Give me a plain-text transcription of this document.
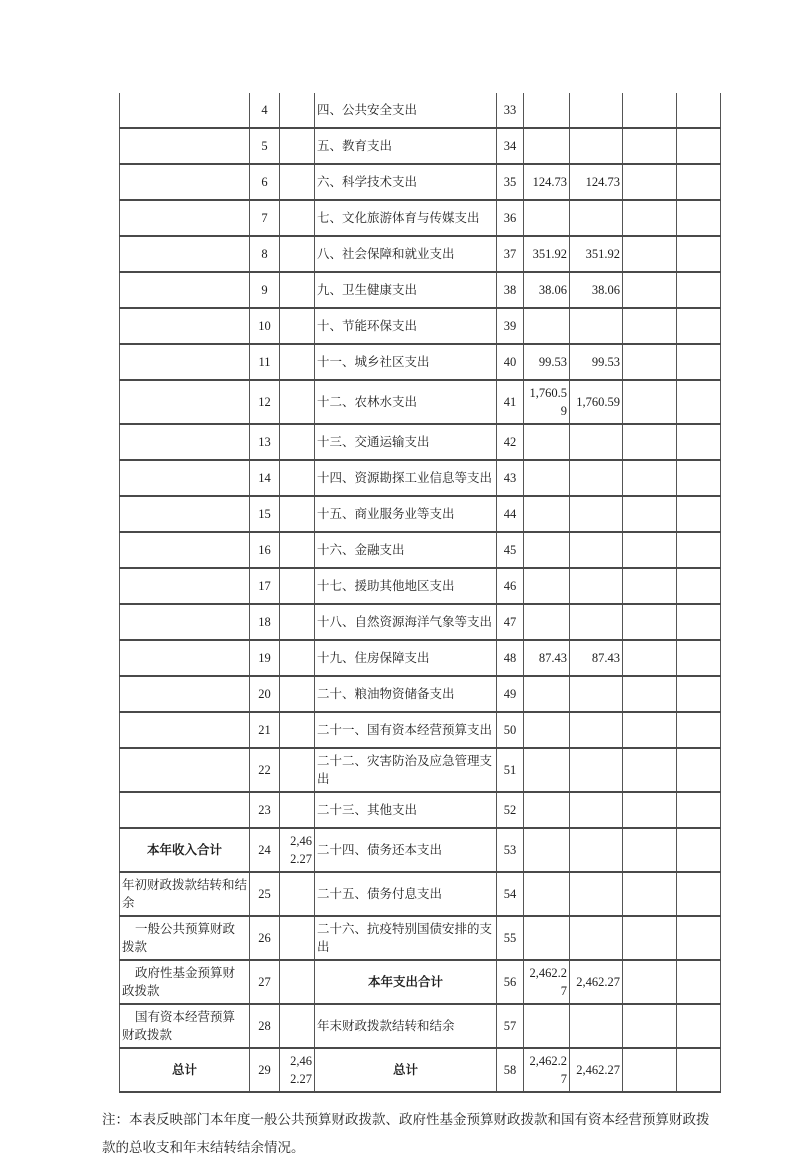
	4		四、公共安全支出	33				
	5		五、教育支出	34				
	6		六、科学技术支出	35	124.73	124.73		
	7		七、文化旅游体育与传媒支出	36				
	8		八、社会保障和就业支出	37	351.92	351.92		
	9		九、卫生健康支出	38	38.06	38.06		
	10		十、节能环保支出	39				
	11		十一、城乡社区支出	40	99.53	99.53		
	12		十二、农林水支出	41	1,760.59	1,760.59		
	13		十三、交通运输支出	42				
	14		十四、资源勘探工业信息等支出	43				
	15		十五、商业服务业等支出	44				
	16		十六、金融支出	45				
	17		十七、援助其他地区支出	46				
	18		十八、自然资源海洋气象等支出	47				
	19		十九、住房保障支出	48	87.43	87.43		
	20		二十、粮油物资储备支出	49				
	21		二十一、国有资本经营预算支出	50				
	22		二十二、灾害防治及应急管理支出	51				
	23		二十三、其他支出	52				
本年收入合计	24	2,462.27	二十四、债务还本支出	53				
年初财政拨款结转和结余	25		二十五、债务付息支出	54				
一般公共预算财政拨款	26		二十六、抗疫特别国债安排的支出	55				
政府性基金预算财政拨款	27		本年支出合计	56	2,462.27	2,462.27		
国有资本经营预算财政拨款	28		年末财政拨款结转和结余	57				
总计	29	2,462.27	总计	58	2,462.27	2,462.27		
注：本表反映部门本年度一般公共预算财政拨款、政府性基金预算财政拨款和国有资本经营预算财政拨款的总收支和年末结转结余情况。
